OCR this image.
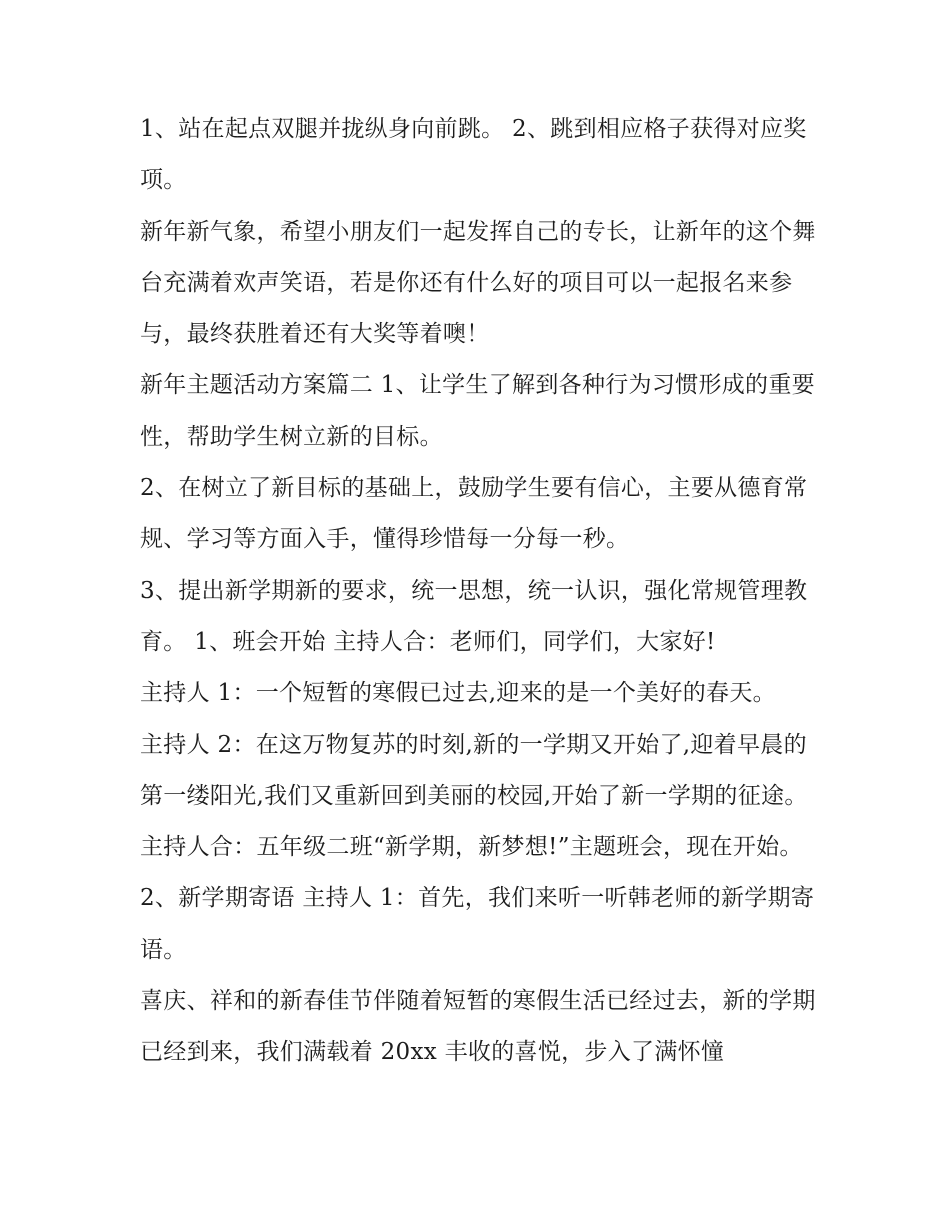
1、站在起点双腿并拢纵身向前跳。 2、跳到相应格子获得对应奖项。

新年新气象，希望小朋友们一起发挥自己的专长，让新年的这个舞台充满着欢声笑语，若是你还有什么好的项目可以一起报名来参与，最终获胜着还有大奖等着噢！

新年主题活动方案篇二 1、让学生了解到各种行为习惯形成的重要性，帮助学生树立新的目标。

2、在树立了新目标的基础上，鼓励学生要有信心，主要从德育常规、学习等方面入手，懂得珍惜每一分每一秒。

3、提出新学期新的要求，统一思想，统一认识，强化常规管理教育。 1、班会开始 主持人合：老师们，同学们，大家好!

主持人 1：一个短暂的寒假已过去,迎来的是一个美好的春天。

主持人 2：在这万物复苏的时刻,新的一学期又开始了,迎着早晨的第一缕阳光,我们又重新回到美丽的校园,开始了新一学期的征途。

主持人合：五年级二班“新学期，新梦想!”主题班会，现在开始。 2、新学期寄语 主持人 1：首先，我们来听一听韩老师的新学期寄语。

喜庆、祥和的新春佳节伴随着短暂的寒假生活已经过去，新的学期已经到来，我们满载着 20xx 丰收的喜悦，步入了满怀憧
